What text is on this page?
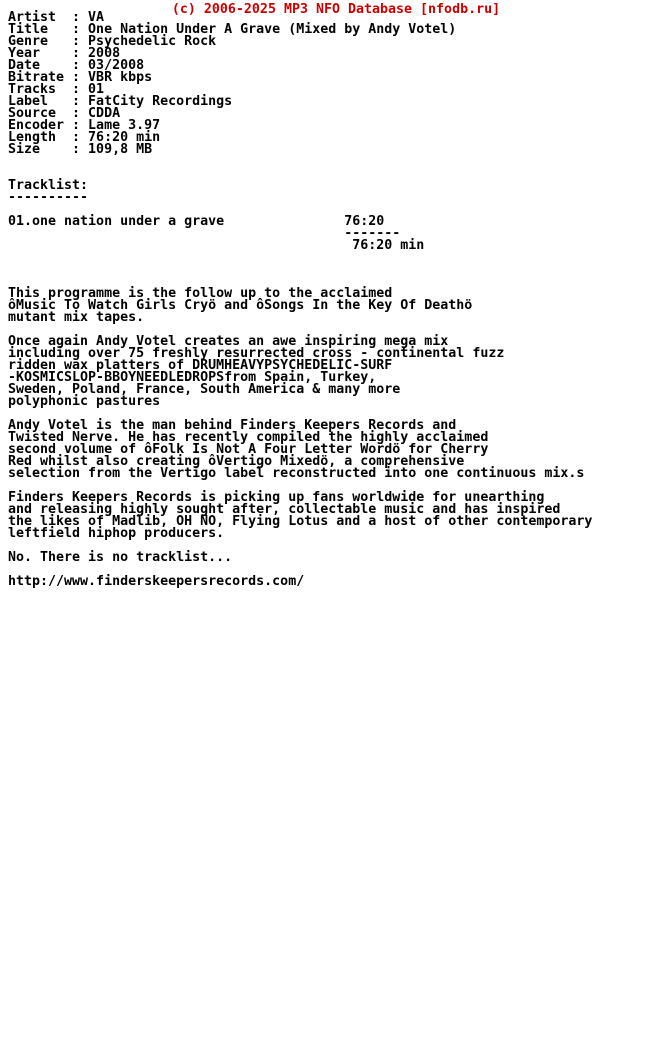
(c) 2006-2025 MP3 NFO Database [nfodb.ru]
Artist  : VA
Title   : One Nation Under A Grave (Mixed by Andy Votel)
Genre   : Psychedelic Rock
Year    : 2008
Date    : 03/2008
Bitrate : VBR kbps
Tracks  : 01
Label   : FatCity Recordings
Source  : CDDA
Encoder : Lame 3.97
Length  : 76:20 min
Size    : 109,8 MB
Tracklist:
----------
01.one nation under a grave               76:20
-------
76:20 min
This programme is the follow up to the acclaimed
ôMusic To Watch Girls Cryö and ôSongs In the Key Of Deathö
mutant mix tapes.
Once again Andy Votel creates an awe inspiring mega mix
including over 75 freshly resurrected cross - continental fuzz
ridden wax platters of DRUMHEAVYPSYCHEDELIC-SURF
-KOSMICSLOP-BBOYNEEDLEDROPSfrom Spain, Turkey,
Sweden, Poland, France, South America & many more
polyphonic pastures
Andy Votel is the man behind Finders Keepers Records and
Twisted Nerve. He has recently compiled the highly acclaimed
second volume of ôFolk Is Not A Four Letter Wordö for Cherry
Red whilst also creating ôVertigo Mixedö, a comprehensive
selection from the Vertigo label reconstructed into one continuous mix.s
Finders Keepers Records is picking up fans worldwide for unearthing
and releasing highly sought after, collectable music and has inspired
the likes of Madlib, OH NO, Flying Lotus and a host of other contemporary
leftfield hiphop producers.
No. There is no tracklist...
http://www.finderskeepersrecords.com/
